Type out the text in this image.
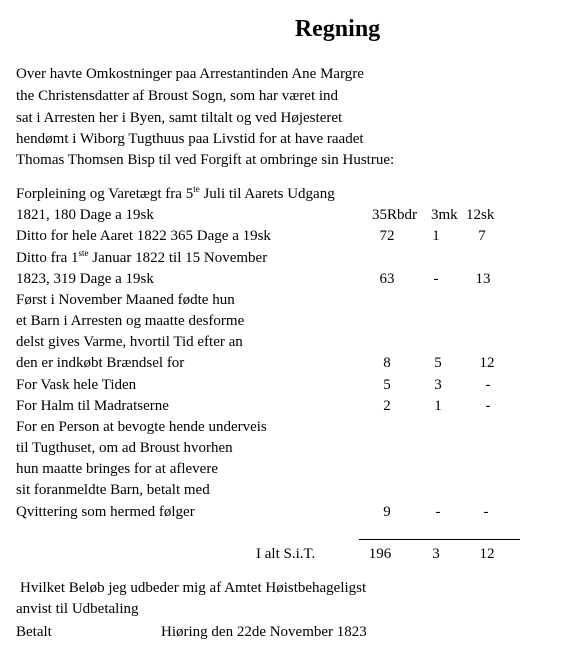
Regning
Over havte Omkostninger paa Arrestantinden Ane Margre
the Christensdatter af Broust Sogn, som har været ind
sat i Arresten her i Byen, samt tiltalt og ved Højesteret
hendømt i Wiborg Tugthuus paa Livstid for at have raadet
Thomas Thomsen Bisp til ved Forgift at ombringe sin Hustrue:
Forpleining og Varetægt fra $5^{te}$ Juli til Aarets Udgang
1821, 180 Dage a 19sk	35Rbdr 3mk 12sk
Ditto for hele Aaret 1822 365 Dage a 19sk	72	1	7
Ditto fra 1ste Januar 1822 til 15 November
1823, 319 Dage a 19sk	63	-	13
Først i November Maaned fødte hun
et Barn i Arresten og maatte desforme
delst gives Varme, hvortil Tid efter an
den er indkøbt Brændsel for	8	5	12
For Vask hele Tiden	5	3	-
For Halm til Madratserne	2	1	-
For en Person at bevogte hende underveis
til Tugthuset, om ad Broust hvorhen
hun maatte bringes for at aflevere
sit foranmeldte Barn, betalt med
Qvittering som hermed følger	9	-	-
I alt S.i.T.	196	3	12
Hvilket Beløb jeg udbeder mig af Amtet Høistbehageligst
anvist til Udbetaling
Betalt	Hiøring den 22de November 1823
